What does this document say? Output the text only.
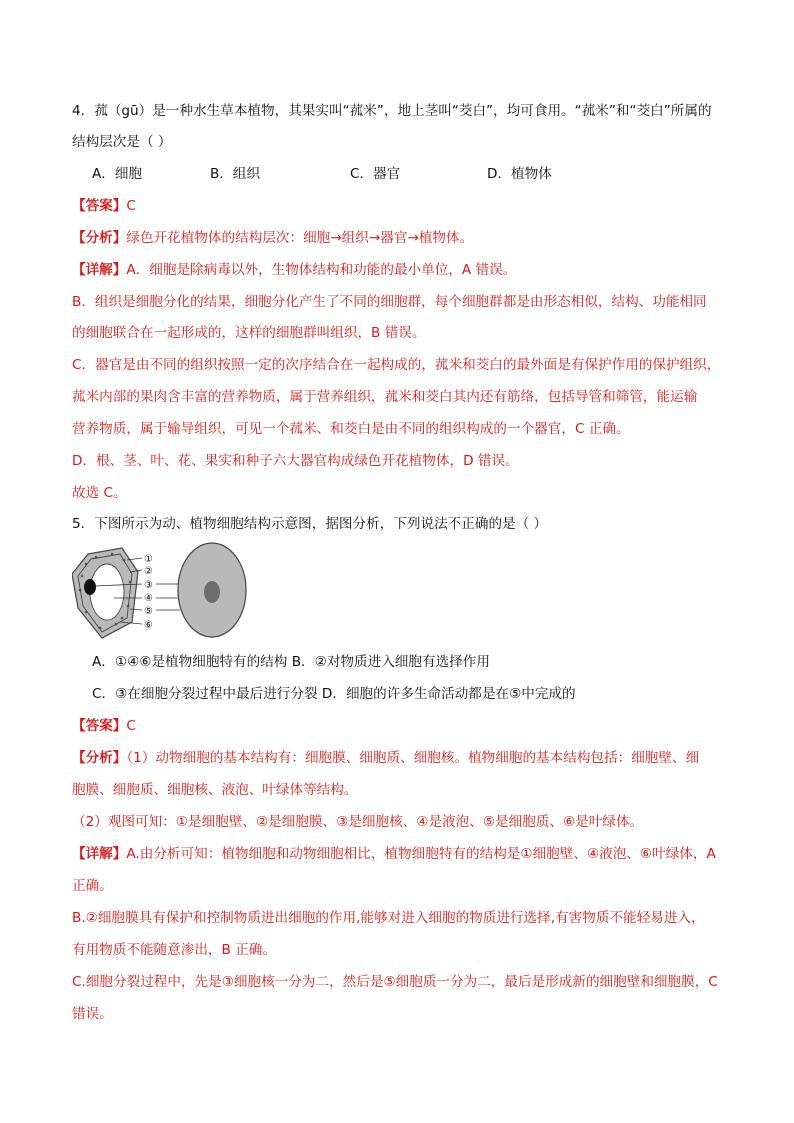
4．菰（gū）是一种水生草本植物，其果实叫“菰米”，地上茎叫“茭白”，均可食用。“菰米”和“茭白”所属的
结构层次是（ ）
A．细胞	B．组织	C．器官	D．植物体
【答案】C
【分析】绿色开花植物体的结构层次：细胞→组织→器官→植物体。
【详解】A．细胞是除病毒以外，生物体结构和功能的最小单位，A 错误。
B．组织是细胞分化的结果，细胞分化产生了不同的细胞群，每个细胞群都是由形态相似，结构、功能相同
的细胞联合在一起形成的，这样的细胞群叫组织，B 错误。
C．器官是由不同的组织按照一定的次序结合在一起构成的，菰米和茭白的最外面是有保护作用的保护组织，
菰米内部的果肉含丰富的营养物质，属于营养组织，菰米和茭白其内还有筋络，包括导管和筛管，能运输
营养物质，属于输导组织，可见一个菰米、和茭白是由不同的组织构成的一个器官，C 正确。
D．根、茎、叶、花、果实和种子六大器官构成绿色开花植物体，D 错误。
故选 C。
5．下图所示为动、植物细胞结构示意图，据图分析，下列说法不正确的是（ ）
①
②
③
④
⑤
⑥
A．①④⑥是植物细胞特有的结构 B．②对物质进入细胞有选择作用
C．③在细胞分裂过程中最后进行分裂 D．细胞的许多生命活动都是在⑤中完成的
【答案】C
【分析】（1）动物细胞的基本结构有：细胞膜、细胞质、细胞核。植物细胞的基本结构包括：细胞壁、细
胞膜、细胞质、细胞核、液泡、叶绿体等结构。
（2）观图可知：①是细胞壁、②是细胞膜、③是细胞核、④是液泡、⑤是细胞质、⑥是叶绿体。
【详解】A.由分析可知：植物细胞和动物细胞相比，植物细胞特有的结构是①细胞壁、④液泡、⑥叶绿体，A
正确。
B.②细胞膜具有保护和控制物质进出细胞的作用,能够对进入细胞的物质进行选择,有害物质不能轻易进入，
有用物质不能随意渗出，B 正确。
C.细胞分裂过程中，先是③细胞核一分为二，然后是⑤细胞质一分为二，最后是形成新的细胞壁和细胞膜，C
错误。
